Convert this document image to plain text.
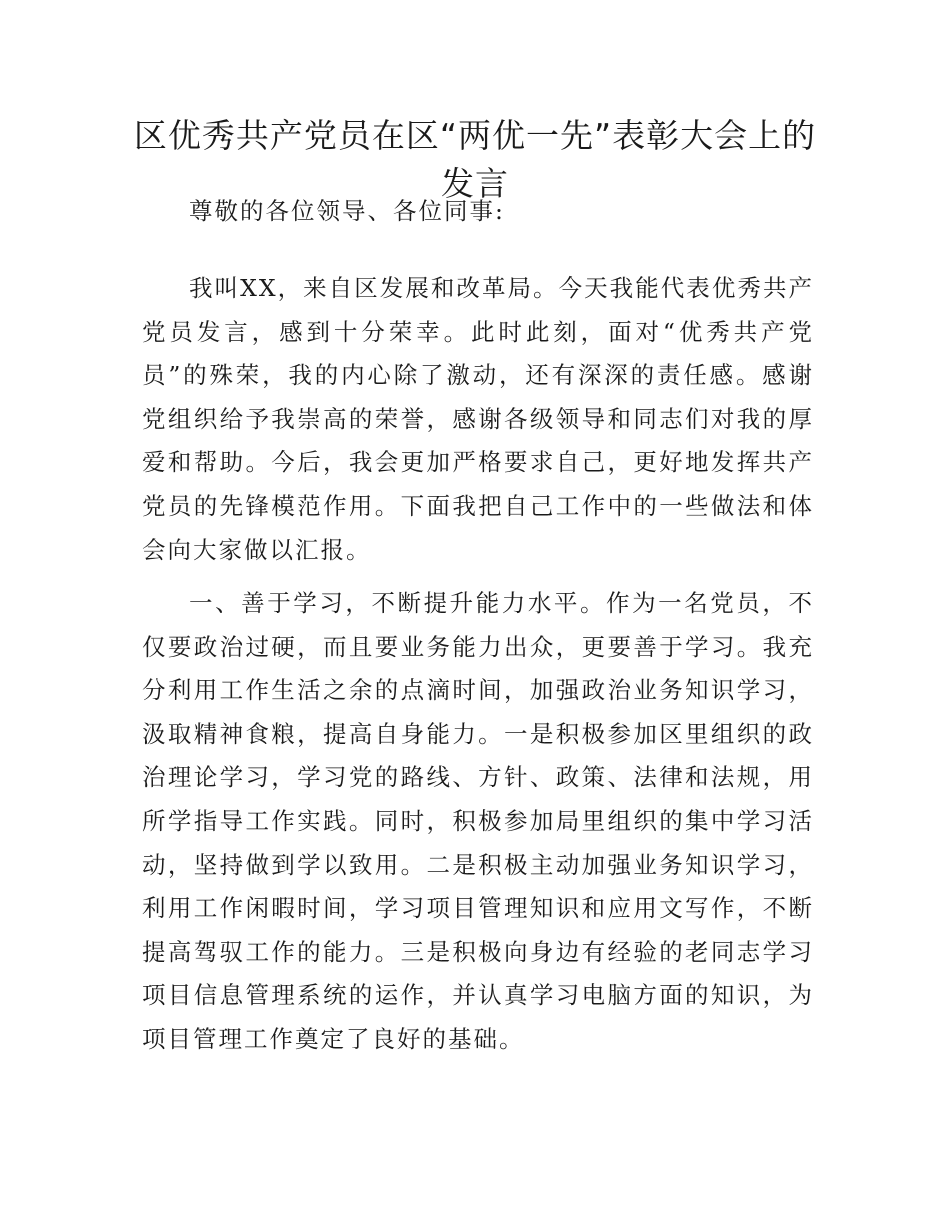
区优秀共产党员在区“两优一先”表彰大会上的发言

尊敬的各位领导、各位同事:

我叫XX，来自区发展和改革局。今天我能代表优秀共产党员发言，感到十分荣幸。此时此刻，面对“优秀共产党员”的殊荣，我的内心除了激动，还有深深的责任感。感谢党组织给予我崇高的荣誉，感谢各级领导和同志们对我的厚爱和帮助。今后，我会更加严格要求自己，更好地发挥共产党员的先锋模范作用。下面我把自己工作中的一些做法和体会向大家做以汇报。

一、善于学习，不断提升能力水平。作为一名党员，不仅要政治过硬，而且要业务能力出众，更要善于学习。我充分利用工作生活之余的点滴时间，加强政治业务知识学习，汲取精神食粮，提高自身能力。一是积极参加区里组织的政治理论学习，学习党的路线、方针、政策、法律和法规，用所学指导工作实践。同时，积极参加局里组织的集中学习活动，坚持做到学以致用。二是积极主动加强业务知识学习，利用工作闲暇时间，学习项目管理知识和应用文写作，不断提高驾驭工作的能力。三是积极向身边有经验的老同志学习项目信息管理系统的运作，并认真学习电脑方面的知识，为项目管理工作奠定了良好的基础。
